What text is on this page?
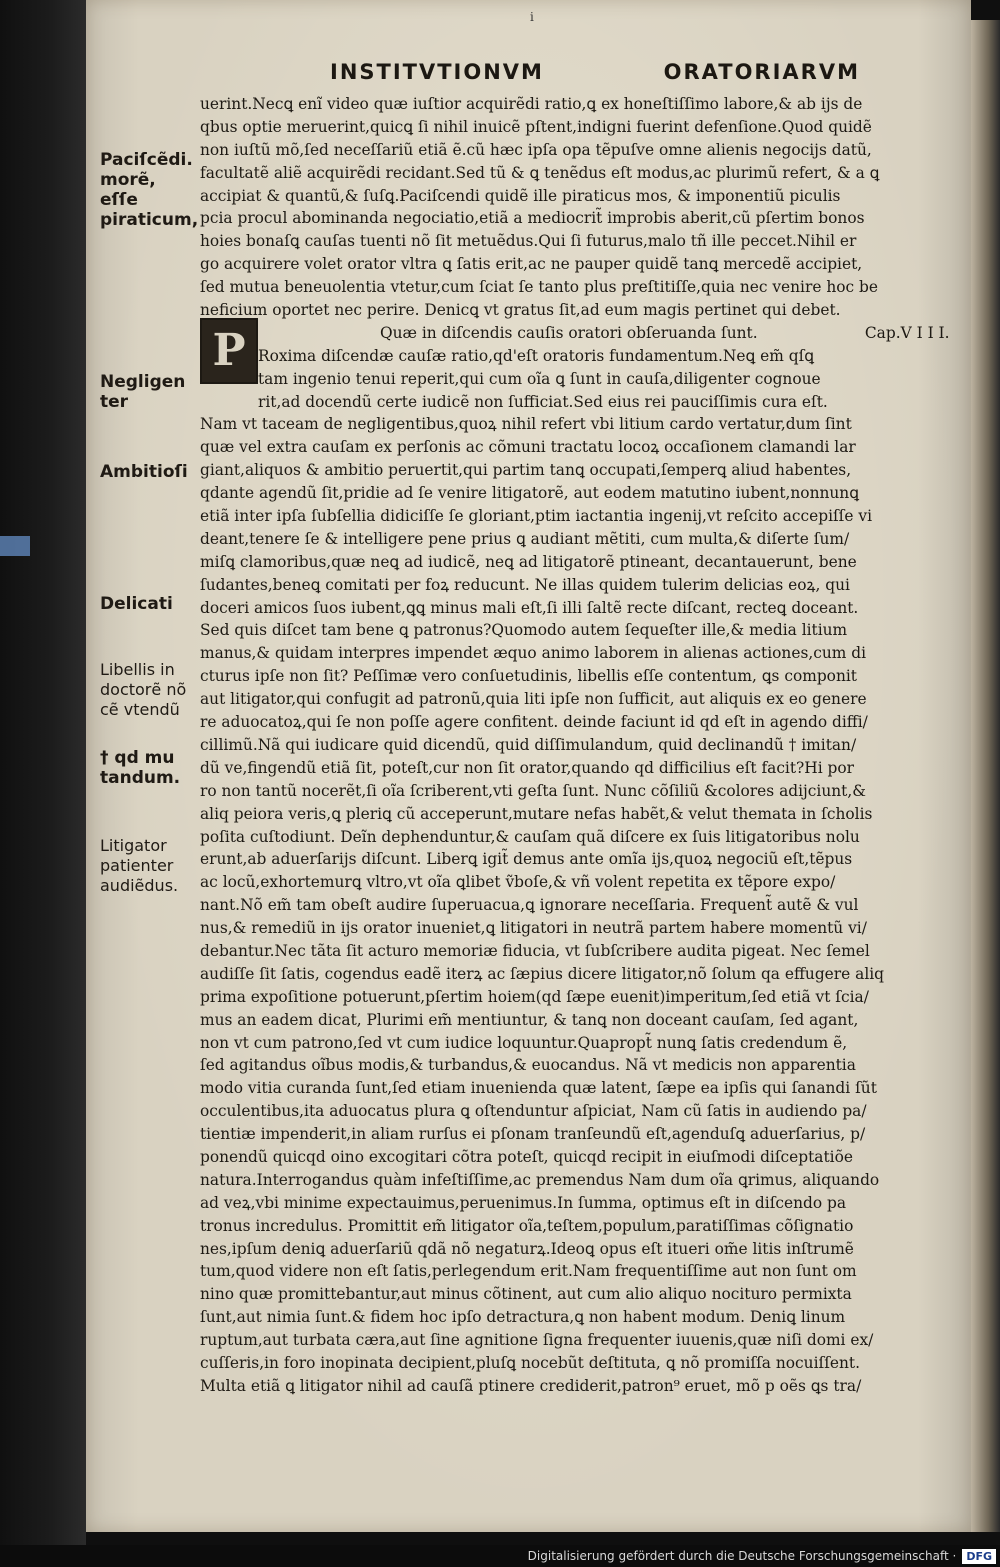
i
INSTITVTIONVM	ORATORIARVM
Paciſcẽdi.
morẽ, eſſe
piraticum,
Negligen
ter
Ambitioſi
Delicati
Libellis in
doctorẽ nõ
cẽ vtendũ
† qd mu
tandum.
Litigator
patienter
audiẽdus.
P
uerint.Necꝗ enĩ video quæ iuſtior acquirẽdi ratio,ꝗ ex honeſtiſſimo labore,& ab ijs de
qbus optie meruerint,quicꝗ ſi nihil inuicẽ pſtent,indigni fuerint defenſione.Quod quidẽ
non iuſtũ mõ,ſed neceſſariũ etiã ẽ.cũ hæc ipſa opa tẽpuſve omne alienis negocijs datũ,
facultatẽ aliẽ acquirẽdi recidant.Sed tũ & ꝗ tenẽdus eſt modus,ac plurimũ refert, & a ꝗ
accipiat & quantũ,& ſuſꝗ.Paciſcendi quidẽ ille piraticus mos, & imponentiũ piculis
pcia procul abominanda negociatio,etiã a mediocrit̃ improbis aberit,cũ pſertim bonos
hoies bonaſꝗ cauſas tuenti nõ ſit metuẽdus.Qui ſi futurus,malo tñ ille peccet.Nihil er
go acquirere volet orator vltra ꝗ ſatis erit,ac ne pauper quidẽ tanꝗ mercedẽ accipiet,
ſed mutua beneuolentia vtetur,cum ſciat ſe tanto plus preſtitiſſe,quia nec venire hoc be
neficium oportet nec perire. Denicꝗ vt gratus ſit,ad eum magis pertinet qui debet.
Quæ in diſcendis cauſis oratori obſeruanda ſunt.	Cap.V I I I.
Roxima diſcendæ cauſæ ratio,qd'eſt oratoris fundamentum.Neꝗ em̃ qſꝗ
tam ingenio tenui reperit,qui cum oĩa ꝗ ſunt in cauſa,diligenter cognoue
rit,ad docendũ certe iudicẽ non ſufficiat.Sed eius rei pauciſſimis cura eſt.
Nam vt taceam de negligentibus,quoꝝ nihil refert vbi litium cardo vertatur,dum ſint
quæ vel extra cauſam ex perſonis ac cõmuni tractatu locoꝝ occaſionem clamandi lar
giant,aliquos & ambitio peruertit,qui partim tanꝗ occupati,ſemperꝗ aliud habentes,
qdante agendũ ſit,pridie ad ſe venire litigatorẽ, aut eodem matutino iubent,nonnunꝗ
etiã inter ipſa ſubſellia didiciſſe ſe gloriant,ptim iactantia ingenij,vt reſcito accepiſſe vi
deant,tenere ſe & intelligere pene prius ꝗ audiant mẽtiti, cum multa,& diſerte ſum/
miſꝗ clamoribus,quæ neꝗ ad iudicẽ, neꝗ ad litigatorẽ ptineant, decantauerunt, bene
ſudantes,beneꝗ comitati per foꝝ reducunt. Ne illas quidem tulerim delicias eoꝝ, qui
doceri amicos ſuos iubent,ꝗꝗ minus mali eſt,ſi illi ſaltẽ recte diſcant, recteꝗ doceant.
Sed quis diſcet tam bene ꝗ patronus?Quomodo autem ſequeſter ille,& media litium
manus,& quidam interpres impendet æquo animo laborem in alienas actiones,cum di
cturus ipſe non ſit? Peſſimæ vero conſuetudinis, libellis eſſe contentum, ꝗs componit
aut litigator,qui confugit ad patronũ,quia liti ipſe non ſufficit, aut aliquis ex eo genere
re aduocatoꝝ,qui ſe non poſſe agere confitent. deinde faciunt id qd eſt in agendo diffi/
cillimũ.Nã qui iudicare quid dicendũ, quid diſſimulandum, quid declinandũ † imitan/
dũ ve,fingendũ etiã ſit, poteſt,cur non ſit orator,quando qd difficilius eſt facit?Hi por
ro non tantũ nocerẽt,ſi oĩa ſcriberent,vti geſta ſunt. Nunc cõſiliũ &colores adijciunt,&
aliq peiora veris,ꝗ pleriꝗ cũ acceperunt,mutare nefas habẽt,& velut themata in ſcholis
poſita cuſtodiunt. Deĩn dephenduntur,& cauſam quã diſcere ex ſuis litigatoribus nolu
erunt,ab aduerſarijs diſcunt. Liberꝗ igit̃ demus ante omĩa ijs,quoꝝ negociũ eſt,tẽpus
ac locũ,exhortemurꝗ vltro,vt oĩa ꝗlibet ṽboſe,& vñ volent repetita ex tẽpore expo/
nant.Nõ em̃ tam obeſt audire ſuperuacua,ꝗ ignorare neceſſaria. Frequent̃ autẽ & vul
nus,& remediũ in ijs orator inueniet,ꝗ litigatori in neutrã partem habere momentũ vi/
debantur.Nec tãta ſit acturo memoriæ fiducia, vt ſubſcribere audita pigeat. Nec ſemel
audiſſe ſit ſatis, cogendus eadẽ iterꝝ ac ſæpius dicere litigator,nõ ſolum qa effugere aliq
prima expoſitione potuerunt,pſertim hoiem(qd ſæpe euenit)imperitum,ſed etiã vt ſcia/
mus an eadem dicat, Plurimi em̃ mentiuntur, & tanꝗ non doceant cauſam, ſed agant,
non vt cum patrono,ſed vt cum iudice loquuntur.Quapropt̃ nunꝗ ſatis credendum ẽ,
ſed agitandus oĩbus modis,& turbandus,& euocandus. Nã vt medicis non apparentia
modo vitia curanda ſunt,ſed etiam inuenienda quæ latent, ſæpe ea ipſis qui ſanandi ſũt
occulentibus,ita aduocatus plura ꝗ oſtenduntur aſpiciat, Nam cũ ſatis in audiendo pa/
tientiæ impenderit,in aliam rurſus ei pſonam tranſeundũ eſt,agenduſꝗ aduerſarius, p/
ponendũ quicqd oino excogitari cõtra poteſt, quicqd recipit in eiuſmodi diſceptatiõe
natura.Interrogandus quàm infeſtiſſime,ac premendus Nam dum oĩa ꝗrimus, aliquando
ad veꝝ,vbi minime expectauimus,peruenimus.In ſumma, optimus eſt in diſcendo pa
tronus incredulus. Promittit em̃ litigator oĩa,teſtem,populum,paratiſſimas cõſignatio
nes,ipſum deniꝗ aduerſariũ qdã nõ negaturꝝ.Ideoꝗ opus eſt itueri om̃e litis inſtrumẽ
tum,quod videre non eſt ſatis,perlegendum erit.Nam frequentiſſime aut non ſunt om
nino quæ promittebantur,aut minus cõtinent, aut cum alio aliquo nocituro permixta
ſunt,aut nimia ſunt.& fidem hoc ipſo detractura,ꝗ non habent modum. Deniꝗ linum
ruptum,aut turbata cæra,aut ſine agnitione ſigna frequenter iuuenis,quæ niſi domi ex/
cuſſeris,in foro inopinata decipient,pluſꝗ nocebũt deſtituta, ꝗ nõ promiſſa nocuiſſent.
Multa etiã ꝗ litigator nihil ad cauſã ptinere crediderit,patron⁹ eruet, mõ p oẽs ꝗs tra/
Digitalisierung gefördert durch die Deutsche Forschungsgemeinschaft · DFG
